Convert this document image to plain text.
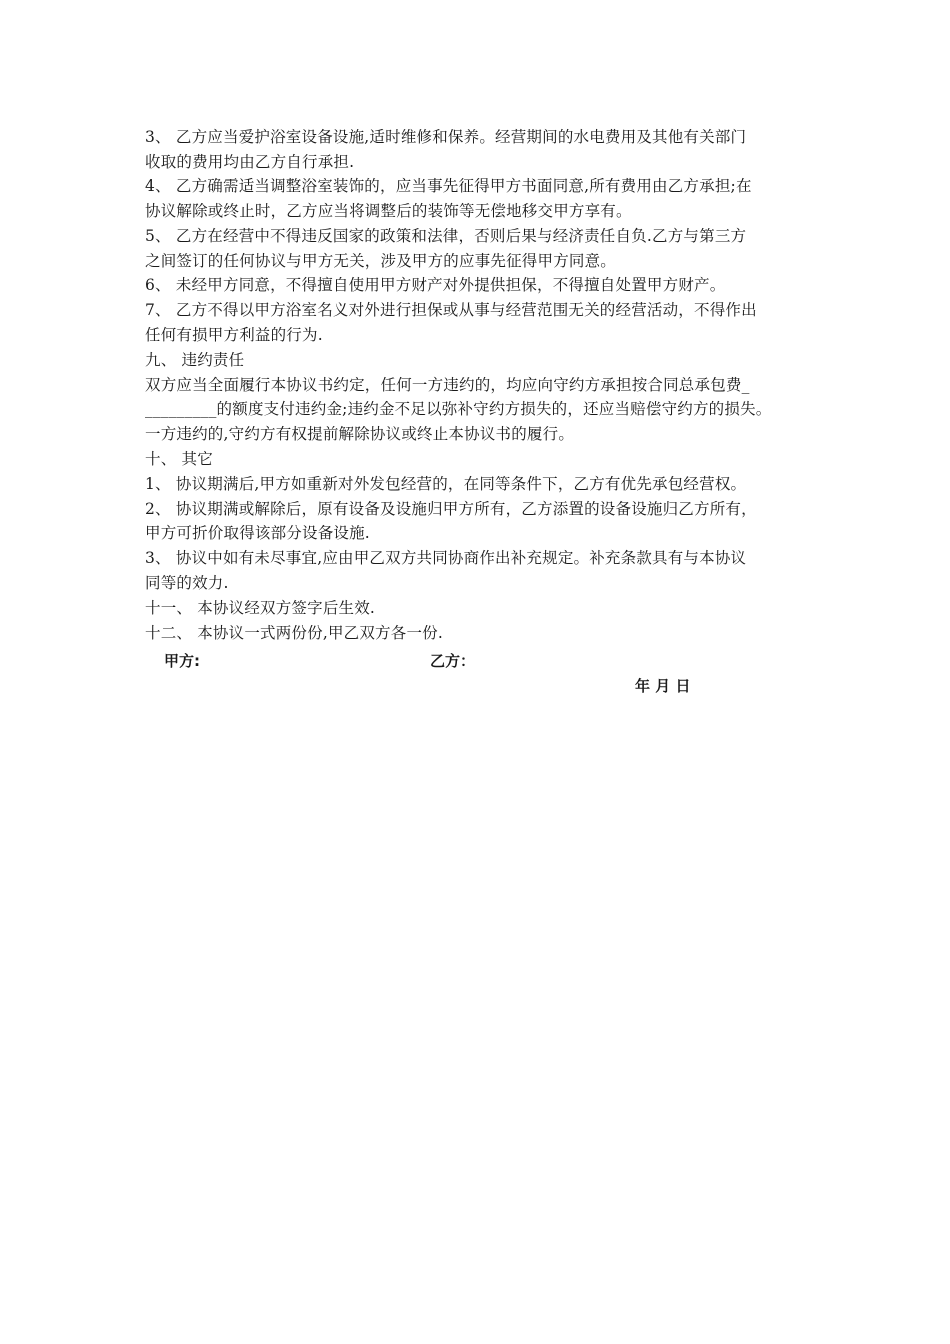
3、 乙方应当爱护浴室设备设施,适时维修和保养。经营期间的水电费用及其他有关部门
收取的费用均由乙方自行承担.
4、 乙方确需适当调整浴室装饰的，应当事先征得甲方书面同意,所有费用由乙方承担;在
协议解除或终止时，乙方应当将调整后的装饰等无偿地移交甲方享有。
5、 乙方在经营中不得违反国家的政策和法律，否则后果与经济责任自负.乙方与第三方
之间签订的任何协议与甲方无关，涉及甲方的应事先征得甲方同意。
6、 未经甲方同意，不得擅自使用甲方财产对外提供担保，不得擅自处置甲方财产。
7、 乙方不得以甲方浴室名义对外进行担保或从事与经营范围无关的经营活动，不得作出
任何有损甲方利益的行为.
九、 违约责任
双方应当全面履行本协议书约定，任何一方违约的，均应向守约方承担按合同总承包费_
_________的额度支付违约金;违约金不足以弥补守约方损失的，还应当赔偿守约方的损失。
一方违约的,守约方有权提前解除协议或终止本协议书的履行。
十、 其它
1、 协议期满后,甲方如重新对外发包经营的，在同等条件下，乙方有优先承包经营权。
2、 协议期满或解除后，原有设备及设施归甲方所有，乙方添置的设备设施归乙方所有，
甲方可折价取得该部分设备设施.
3、 协议中如有未尽事宜,应由甲乙双方共同协商作出补充规定。补充条款具有与本协议
同等的效力.
十一、 本协议经双方签字后生效.
十二、 本协议一式两份份,甲乙双方各一份.
甲方:	乙方：
年 月 日
